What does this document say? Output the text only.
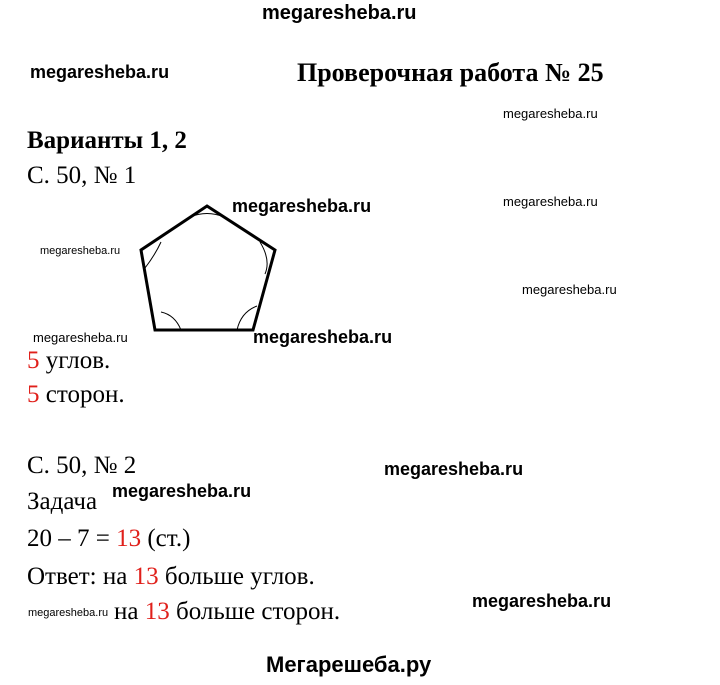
megaresheba.ru
megaresheba.ru
megaresheba.ru
megaresheba.ru	megaresheba.ru
megaresheba.ru
megaresheba.ru
megaresheba.ru	megaresheba.ru
megaresheba.ru
megaresheba.ru
megaresheba.ru
megaresheba.ru
Проверочная работа № 25
Варианты 1, 2
С. 50, № 1
5 углов.
5 сторон.
С. 50, № 2
Задача
20 – 7 = 13 (ст.)
Ответ: на 13 больше углов.
на 13 больше сторон.
Мегарешеба.ру
